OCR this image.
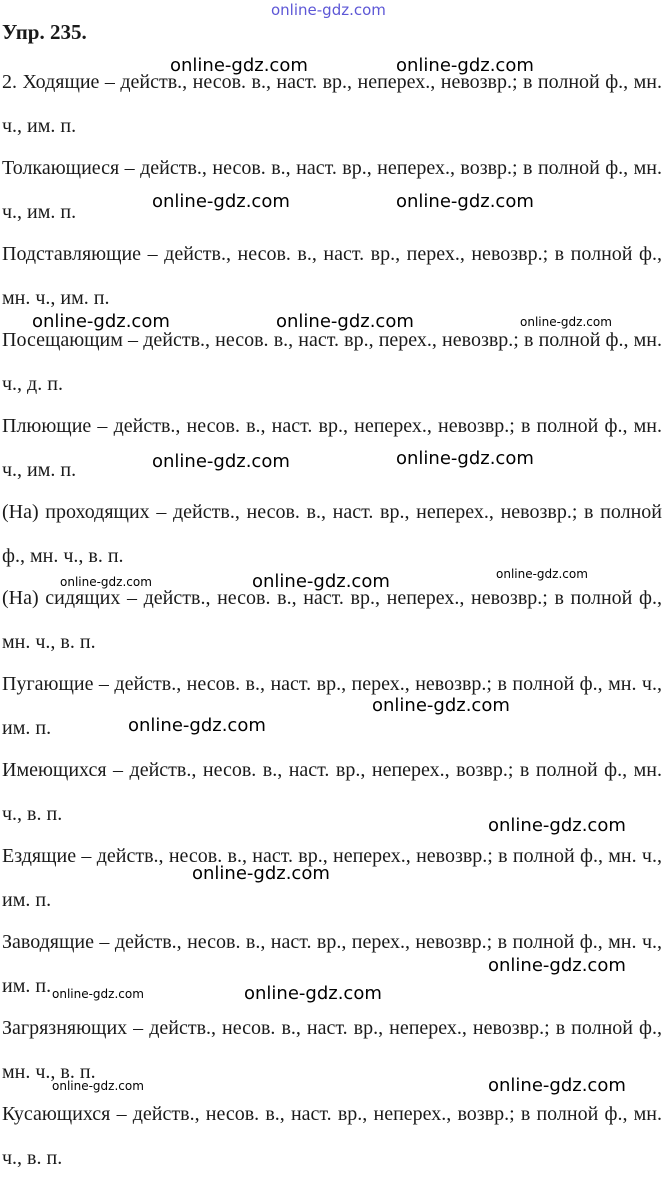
online-gdz.com
Упр. 235.
2. Ходящие – действ., несов. в., наст. вр., неперех., невозвр.; в полной ф., мн. ч., им. п.
Толкающиеся – действ., несов. в., наст. вр., неперех., возвр.; в полной ф., мн. ч., им. п.
Подставляющие – действ., несов. в., наст. вр., перех., невозвр.; в полной ф., мн. ч., им. п.
Посещающим – действ., несов. в., наст. вр., перех., невозвр.; в полной ф., мн. ч., д. п.
Плюющие – действ., несов. в., наст. вр., неперех., невозвр.; в полной ф., мн. ч., им. п.
(На) проходящих – действ., несов. в., наст. вр., неперех., невозвр.; в полной ф., мн. ч., в. п.
(На) сидящих – действ., несов. в., наст. вр., неперех., невозвр.; в полной ф., мн. ч., в. п.
Пугающие – действ., несов. в., наст. вр., перех., невозвр.; в полной ф., мн. ч., им. п.
Имеющихся – действ., несов. в., наст. вр., неперех., возвр.; в полной ф., мн. ч., в. п.
Ездящие – действ., несов. в., наст. вр., неперех., невозвр.; в полной ф., мн. ч., им. п.
Заводящие – действ., несов. в., наст. вр., перех., невозвр.; в полной ф., мн. ч., им. п.
Загрязняющих – действ., несов. в., наст. вр., неперех., невозвр.; в полной ф., мн. ч., в. п.
Кусающихся – действ., несов. в., наст. вр., неперех., возвр.; в полной ф., мн. ч., в. п.
online-gdz.com	online-gdz.com
online-gdz.com	online-gdz.com
online-gdz.com	online-gdz.com	online-gdz.com
online-gdz.com	online-gdz.com
online-gdz.com	online-gdz.com	online-gdz.com
online-gdz.com
online-gdz.com
online-gdz.com
online-gdz.com
online-gdz.com
online-gdz.com	online-gdz.com
online-gdz.com	online-gdz.com
